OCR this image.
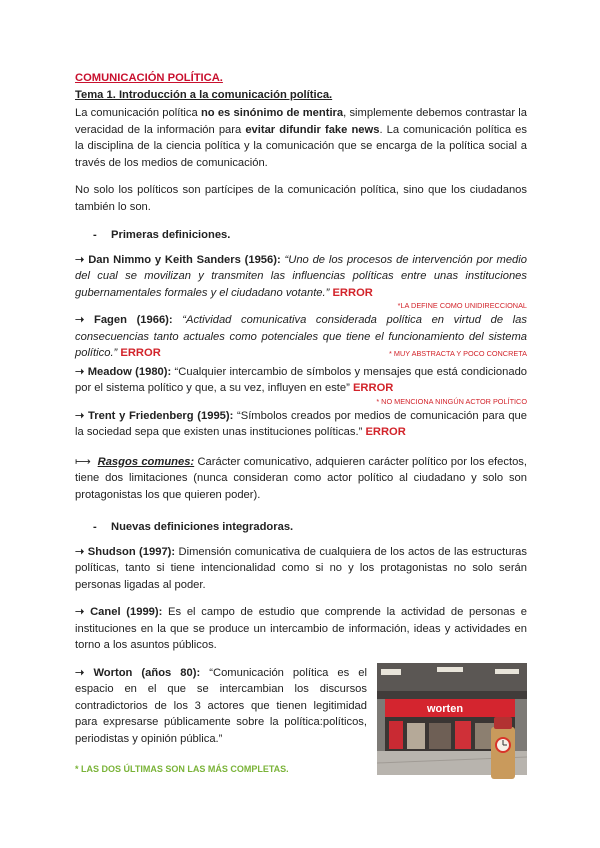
COMUNICACIÓN POLÍTICA.

Tema 1. Introducción a la comunicación política.

La comunicación política no es sinónimo de mentira, simplemente debemos contrastar la veracidad de la información para evitar difundir fake news. La comunicación política es la disciplina de la ciencia política y la comunicación que se encarga de la política social a través de los medios de comunicación.

No solo los políticos son partícipes de la comunicación política, sino que los ciudadanos también lo son.

- Primeras definiciones.

➝ Dan Nimmo y Keith Sanders (1956): “Uno de los procesos de intervención por medio del cual se movilizan y transmiten las influencias políticas entre unas instituciones gubernamentales formales y el ciudadano votante.” ERROR

*LA DEFINE COMO UNIDIRECCIONAL

➝ Fagen (1966): “Actividad comunicativa considerada política en virtud de las consecuencias tanto actuales como potenciales que tiene el funcionamiento del sistema político.” ERROR	* MUY ABSTRACTA Y POCO CONCRETA

➝ Meadow (1980): “Cualquier intercambio de símbolos y mensajes que está condicionado por el sistema político y que, a su vez, influyen en este” ERROR

* NO MENCIONA NINGÚN ACTOR POLÍTICO

➝ Trent y Friedenberg (1995): “Símbolos creados por medios de comunicación para que la sociedad sepa que existen unas instituciones políticas.” ERROR

⟼ Rasgos comunes: Carácter comunicativo, adquieren carácter político por los efectos, tiene dos limitaciones (nunca consideran como actor político al ciudadano y solo son protagonistas los que quieren poder).

- Nuevas definiciones integradoras.

➝ Shudson (1997): Dimensión comunicativa de cualquiera de los actos de las estructuras políticas, tanto si tiene intencionalidad como si no y los protagonistas no solo serán personas ligadas al poder.

➝ Canel (1999): Es el campo de estudio que comprende la actividad de personas e instituciones en la que se produce un intercambio de información, ideas y actividades en torno a los asuntos públicos.

➝ Worton (años 80): “Comunicación política es el espacio en el que se intercambian los discursos contradictorios de los 3 actores que tienen legitimidad para expresarse públicamente sobre la política:políticos, periodistas y opinión pública.”

worten

* LAS DOS ÚLTIMAS SON LAS MÁS COMPLETAS.
